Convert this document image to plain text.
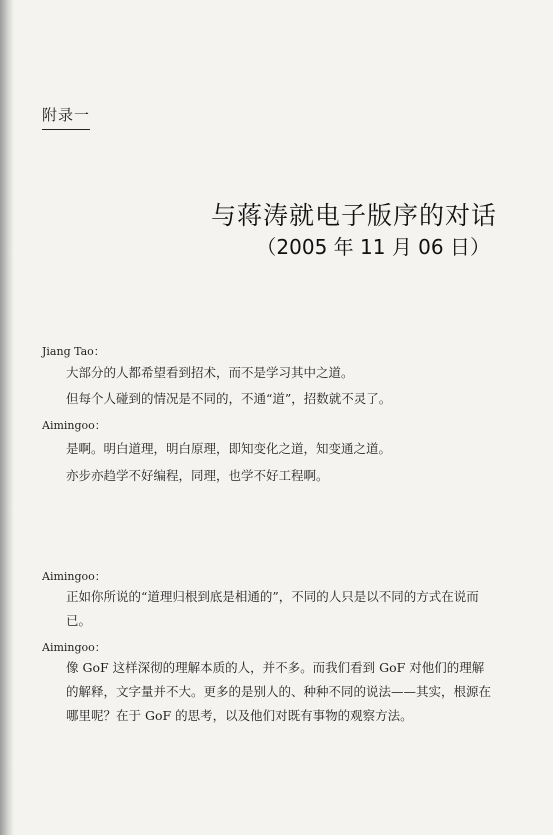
附录一
与蒋涛就电子版序的对话
（2005 年 11 月 06 日）
Jiang Tao：
大部分的人都希望看到招术，而不是学习其中之道。
但每个人碰到的情况是不同的，不通“道”，招数就不灵了。
Aimingoo：
是啊。明白道理，明白原理，即知变化之道，知变通之道。
亦步亦趋学不好编程，同理，也学不好工程啊。
Aimingoo：
正如你所说的“道理归根到底是相通的”，不同的人只是以不同的方式在说而已。
Aimingoo：
像 GoF 这样深彻的理解本质的人，并不多。而我们看到 GoF 对他们的理解的解释，文字量并不大。更多的是别人的、种种不同的说法——其实，根源在哪里呢？在于 GoF 的思考，以及他们对既有事物的观察方法。
